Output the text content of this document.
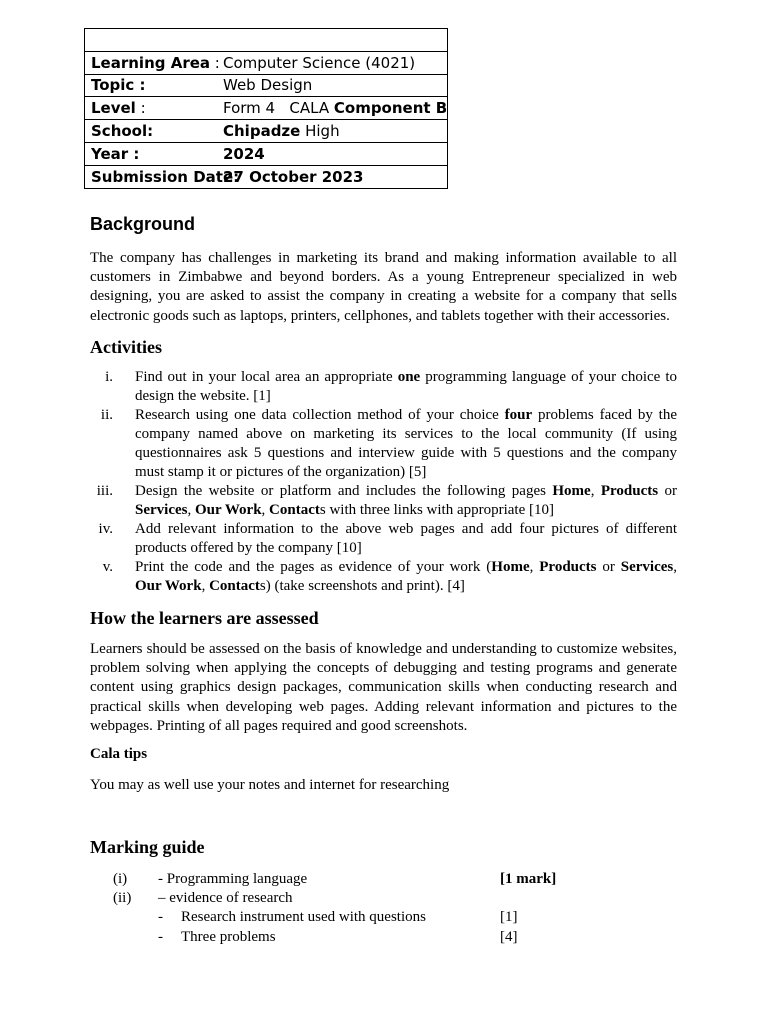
Learning Area : Computer Science (4021)
Topic :	Web Design
Level :	Form 4   CALA Component B
School:	Chipadze High
Year :	2024
Submission Date:27 October 2023
Background

The company has challenges in marketing its brand and making information available to all customers in Zimbabwe and beyond borders. As a young Entrepreneur specialized in web designing, you are asked to assist the company in creating a website for a company that sells electronic goods such as laptops, printers, cellphones, and tablets together with their accessories.

Activities
i. Find out in your local area an appropriate one programming language of your choice to design the website. [1]
ii. Research using one data collection method of your choice four problems faced by the company named above on marketing its services to the local community (If using questionnaires ask 5 questions and interview guide with 5 questions and the company must stamp it or pictures of the organization) [5]
iii. Design the website or platform and includes the following pages Home, Products or Services, Our Work, Contacts with three links with appropriate [10]
iv. Add relevant information to the above web pages and add four pictures of different products offered by the company [10]
v. Print the code and the pages as evidence of your work (Home, Products or Services, Our Work, Contacts) (take screenshots and print). [4]
How the learners are assessed

Learners should be assessed on the basis of knowledge and understanding to customize websites, problem solving when applying the concepts of debugging and testing programs and generate content using graphics design packages, communication skills when conducting research and practical skills when developing web pages. Adding relevant information and pictures to the webpages. Printing of all pages required and good screenshots.

Cala tips

You may as well use your notes and internet for researching

Marking guide
(i) - Programming language	[1 mark]
(ii) – evidence of research
- Research instrument used with questions	[1]
- Three problems	[4]
